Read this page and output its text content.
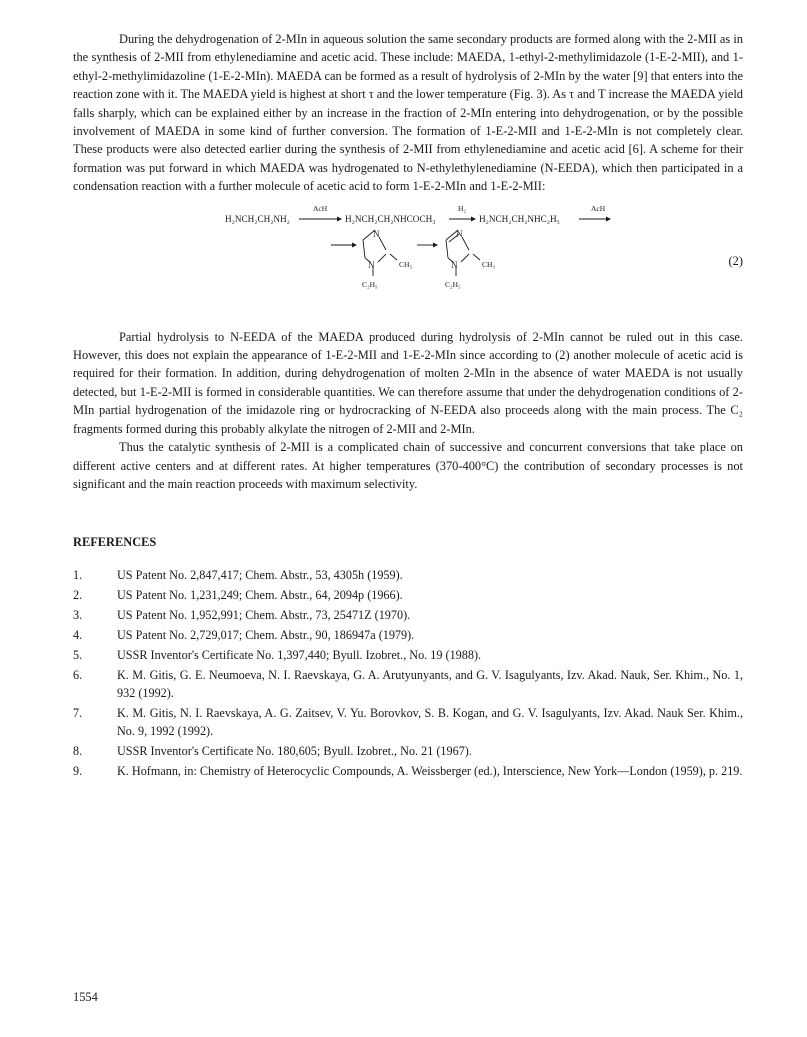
During the dehydrogenation of 2-MIn in aqueous solution the same secondary products are formed along with the 2-MII as in the synthesis of 2-MII from ethylenediamine and acetic acid. These include: MAEDA, 1-ethyl-2-methylimidazole (1-E-2-MII), and 1-ethyl-2-methylimidazoline (1-E-2-MIn). MAEDA can be formed as a result of hydrolysis of 2-MIn by the water [9] that enters into the reaction zone with it. The MAEDA yield is highest at short τ and the lower temperature (Fig. 3). As τ and T increase the MAEDA yield falls sharply, which can be explained either by an increase in the fraction of 2-MIn entering into dehydrogenation, or by the possible involvement of MAEDA in some kind of further conversion. The formation of 1-E-2-MII and 1-E-2-MIn is not completely clear. These products were also detected earlier during the synthesis of 2-MII from ethylenediamine and acetic acid [6]. A scheme for their formation was put forward in which MAEDA was hydrogenated to N-ethylethylenediamine (N-EEDA), which then participated in a condensation reaction with a further molecule of acetic acid to form 1-E-2-MIn and 1-E-2-MII:

H₂NCH₂CH₂NH₂
AcH
H₂NCH₂CH₂NHCOCH₃
H₂
H₂NCH₂CH₂NHC₂H₅
AcH
N
N	CH₃
C₂H₅
N
N	CH₃
C₂H₅
(2)

Partial hydrolysis to N-EEDA of the MAEDA produced during hydrolysis of 2-MIn cannot be ruled out in this case. However, this does not explain the appearance of 1-E-2-MII and 1-E-2-MIn since according to (2) another molecule of acetic acid is required for their formation. In addition, during dehydrogenation of molten 2-MIn in the absence of water MAEDA is not usually detected, but 1-E-2-MII is formed in considerable quantities. We can therefore assume that under the dehydrogenation conditions of 2-MIn partial hydrogenation of the imidazole ring or hydrocracking of N-EEDA also proceeds along with the main process. The C₂ fragments formed during this probably alkylate the nitrogen of 2-MII and 2-MIn.

Thus the catalytic synthesis of 2-MII is a complicated chain of successive and concurrent conversions that take place on different active centers and at different rates. At higher temperatures (370-400°C) the contribution of secondary processes is not significant and the main reaction proceeds with maximum selectivity.

REFERENCES
1.	US Patent No. 2,847,417; Chem. Abstr., 53, 4305h (1959).
2.	US Patent No. 1,231,249; Chem. Abstr., 64, 2094p (1966).
3.	US Patent No. 1,952,991; Chem. Abstr., 73, 25471Z (1970).
4.	US Patent No. 2,729,017; Chem. Abstr., 90, 186947a (1979).
5.	USSR Inventor's Certificate No. 1,397,440; Byull. Izobret., No. 19 (1988).
6.	K. M. Gitis, G. E. Neumoeva, N. I. Raevskaya, G. A. Arutyunyants, and G. V. Isagulyants, Izv. Akad. Nauk, Ser. Khim., No. 1, 932 (1992).
7.	K. M. Gitis, N. I. Raevskaya, A. G. Zaitsev, V. Yu. Borovkov, S. B. Kogan, and G. V. Isagulyants, Izv. Akad. Nauk Ser. Khim., No. 9, 1992 (1992).
8.	USSR Inventor's Certificate No. 180,605; Byull. Izobret., No. 21 (1967).
9.	K. Hofmann, in: Chemistry of Heterocyclic Compounds, A. Weissberger (ed.), Interscience, New York—London (1959), p. 219.
1554
